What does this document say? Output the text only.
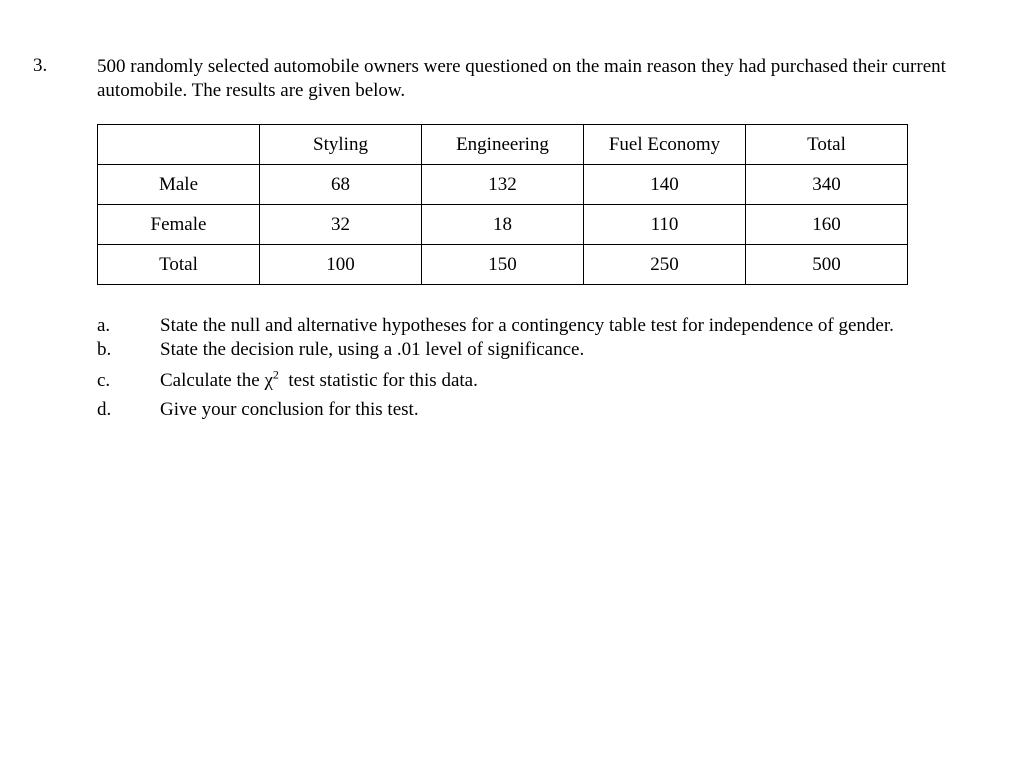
3.	500 randomly selected automobile owners were questioned on the main reason they had purchased their current automobile. The results are given below.
	Styling	Engineering	Fuel Economy	Total
Male	68	132	140	340
Female	32	18	110	160
Total	100	150	250	500
a.	State the null and alternative hypotheses for a contingency table test for independence of gender.
b.	State the decision rule, using a .01 level of significance.
c.	Calculate the $\chi^2$  test statistic for this data.
d.	Give your conclusion for this test.
